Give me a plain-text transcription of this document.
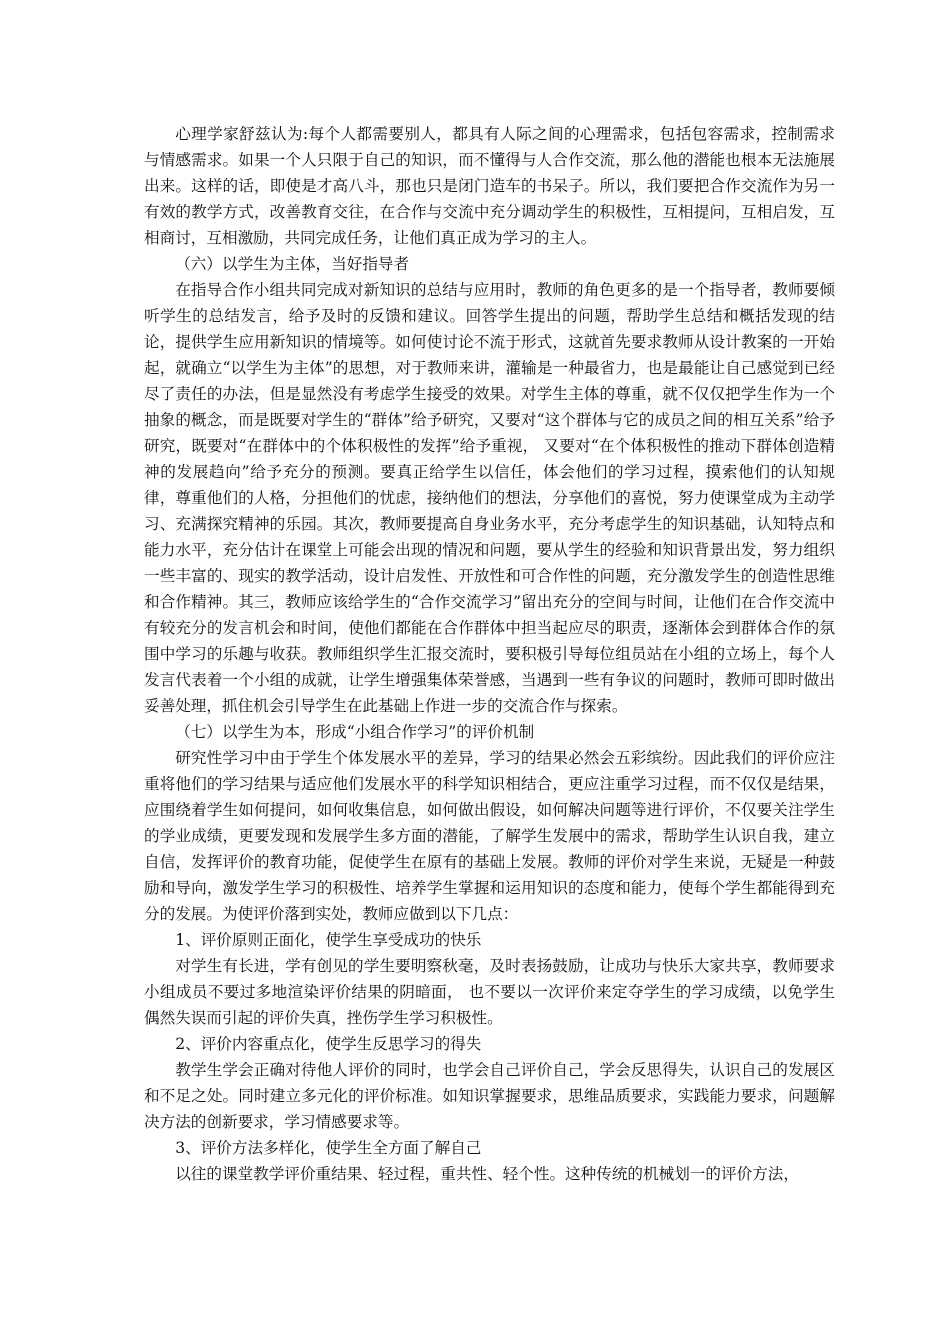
心理学家舒兹认为:每个人都需要别人，都具有人际之间的心理需求，包括包容需求，控制需求与情感需求。如果一个人只限于自己的知识，而不懂得与人合作交流，那么他的潜能也根本无法施展出来。这样的话，即使是才高八斗，那也只是闭门造车的书呆子。所以，我们要把合作交流作为另一有效的教学方式，改善教育交往，在合作与交流中充分调动学生的积极性，互相提问，互相启发，互相商讨，互相激励，共同完成任务，让他们真正成为学习的主人。

（六）以学生为主体，当好指导者

在指导合作小组共同完成对新知识的总结与应用时，教师的角色更多的是一个指导者，教师要倾听学生的总结发言，给予及时的反馈和建议。回答学生提出的问题，帮助学生总结和概括发现的结论，提供学生应用新知识的情境等。如何使讨论不流于形式，这就首先要求教师从设计教案的一开始起，就确立“以学生为主体”的思想，对于教师来讲，灌输是一种最省力，也是最能让自己感觉到已经尽了责任的办法，但是显然没有考虑学生接受的效果。对学生主体的尊重，就不仅仅把学生作为一个抽象的概念，而是既要对学生的“群体”给予研究，又要对“这个群体与它的成员之间的相互关系”给予研究，既要对“在群体中的个体积极性的发挥”给予重视， 又要对“在个体积极性的推动下群体创造精神的发展趋向”给予充分的预测。要真正给学生以信任，体会他们的学习过程，摸索他们的认知规律，尊重他们的人格，分担他们的忧虑，接纳他们的想法，分享他们的喜悦，努力使课堂成为主动学习、充满探究精神的乐园。其次，教师要提高自身业务水平，充分考虑学生的知识基础，认知特点和能力水平，充分估计在课堂上可能会出现的情况和问题，要从学生的经验和知识背景出发，努力组织一些丰富的、现实的教学活动，设计启发性、开放性和可合作性的问题，充分激发学生的创造性思维和合作精神。其三，教师应该给学生的“合作交流学习”留出充分的空间与时间，让他们在合作交流中有较充分的发言机会和时间，使他们都能在合作群体中担当起应尽的职责，逐渐体会到群体合作的氛围中学习的乐趣与收获。教师组织学生汇报交流时，要积极引导每位组员站在小组的立场上，每个人发言代表着一个小组的成就，让学生增强集体荣誉感，当遇到一些有争议的问题时，教师可即时做出妥善处理，抓住机会引导学生在此基础上作进一步的交流合作与探索。

（七）以学生为本，形成“小组合作学习”的评价机制

研究性学习中由于学生个体发展水平的差异，学习的结果必然会五彩缤纷。因此我们的评价应注重将他们的学习结果与适应他们发展水平的科学知识相结合，更应注重学习过程，而不仅仅是结果，应围绕着学生如何提问，如何收集信息，如何做出假设，如何解决问题等进行评价，不仅要关注学生的学业成绩，更要发现和发展学生多方面的潜能，了解学生发展中的需求，帮助学生认识自我，建立自信，发挥评价的教育功能，促使学生在原有的基础上发展。教师的评价对学生来说，无疑是一种鼓励和导向，激发学生学习的积极性、培养学生掌握和运用知识的态度和能力，使每个学生都能得到充分的发展。为使评价落到实处，教师应做到以下几点：

1、评价原则正面化，使学生享受成功的快乐

对学生有长进，学有创见的学生要明察秋毫，及时表扬鼓励，让成功与快乐大家共享，教师要求小组成员不要过多地渲染评价结果的阴暗面， 也不要以一次评价来定夺学生的学习成绩，以免学生偶然失误而引起的评价失真，挫伤学生学习积极性。

2、评价内容重点化，使学生反思学习的得失

教学生学会正确对待他人评价的同时，也学会自己评价自己，学会反思得失，认识自己的发展区和不足之处。同时建立多元化的评价标准。如知识掌握要求，思维品质要求，实践能力要求，问题解决方法的创新要求，学习情感要求等。

3、评价方法多样化，使学生全方面了解自己

以往的课堂教学评价重结果、轻过程，重共性、轻个性。这种传统的机械划一的评价方法，
